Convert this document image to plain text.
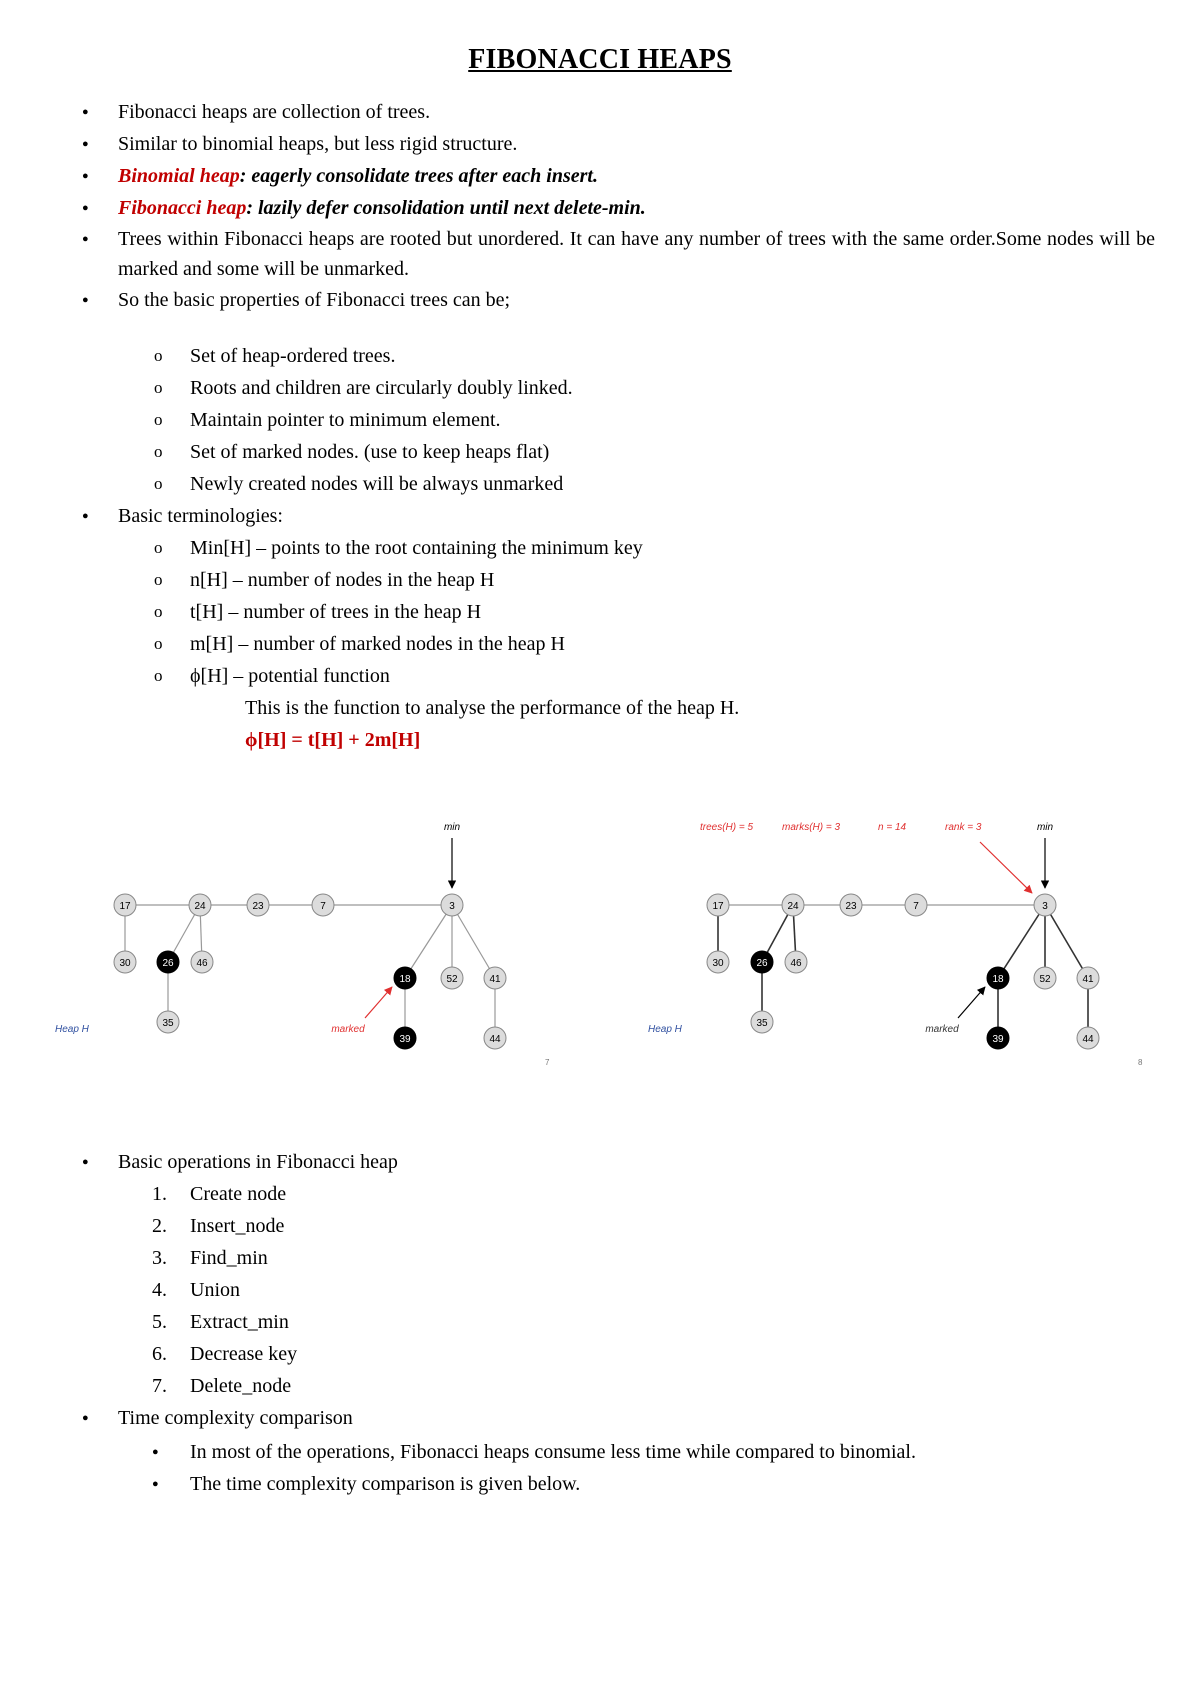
FIBONACCI HEAPS
● Fibonacci heaps are collection of trees.
● Similar to binomial heaps, but less rigid structure.
● Binomial heap: eagerly consolidate trees after each insert.
● Fibonacci heap: lazily defer consolidation until next delete-min.
● Trees within Fibonacci heaps are rooted but unordered. It can have any number of trees with the same order.Some nodes will be marked and some will be unmarked.
● So the basic properties of Fibonacci trees can be;
o Set of heap-ordered trees.
o Roots and children are circularly doubly linked.
o Maintain pointer to minimum element.
o Set of marked nodes. (use to keep heaps flat)
o Newly created nodes will be always unmarked
● Basic terminologies:
o Min[H] – points to the root containing the minimum key
o n[H] – number of nodes in the heap H
o t[H] – number of trees in the heap H
o m[H] – number of marked nodes in the heap H
o ϕ[H] – potential function
This is the function to analyse the performance of the heap H.
ϕ[H] = t[H] + 2m[H]
min
17	24	23	7	3
30	26 46
35
18	52	41
39	44
marked
Heap H
7
trees(H) = 5	marks(H) = 3	n = 14	rank = 3	min
17	24	23	7	3
30	26 46
35
18	52	41
39	44
marked
Heap H
8
● Basic operations in Fibonacci heap
1. Create node
2. Insert_node
3. Find_min
4. Union
5. Extract_min
6. Decrease key
7. Delete_node
● Time complexity comparison
● In most of the operations, Fibonacci heaps consume less time while compared to binomial.
● The time complexity comparison is given below.
